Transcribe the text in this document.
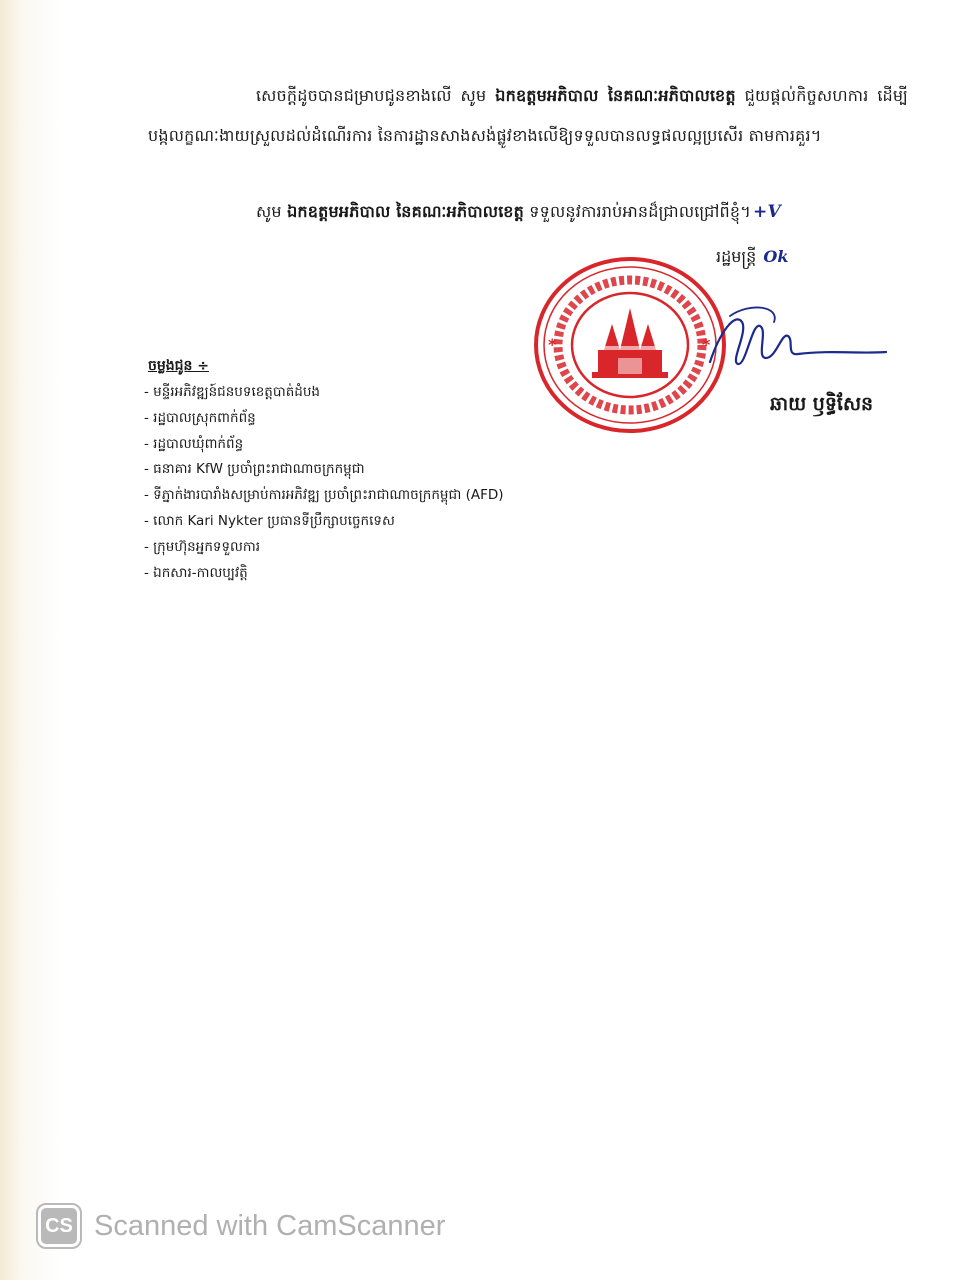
សេចក្តីដូចបានជម្រាបជូនខាងលើ សូម ឯកឧត្តមអភិបាល នៃគណៈអភិបាលខេត្ត ជួយផ្តល់កិច្ចសហការ ដើម្បីបង្កលក្ខណៈងាយស្រួលដល់ដំណើរការ នៃការដ្ឋានសាងសង់ផ្លូវខាងលើឱ្យទទួលបានលទ្ធផលល្អប្រសើរ តាមការគួរ។

សូម ឯកឧត្តមអភិបាល នៃគណៈអភិបាលខេត្ត ទទួលនូវការរាប់អានដ៏ជ្រាលជ្រៅពីខ្ញុំ។ +V

រដ្ឋមន្ត្រី Ok
*	*
ឆាយ ឫទ្ធិសែន
ចម្លងជូន ÷
- មន្ទីរអភិវឌ្ឍន៍ជនបទខេត្តបាត់ដំបង
- រដ្ឋបាលស្រុកពាក់ព័ន្ធ
- រដ្ឋបាលឃុំពាក់ព័ន្ធ
- ធនាគារ KfW ប្រចាំព្រះរាជាណាចក្រកម្ពុជា
- ទីភ្នាក់ងារបារាំងសម្រាប់ការអភិវឌ្ឍ ប្រចាំព្រះរាជាណាចក្រកម្ពុជា (AFD)
- លោក Kari Nykter ប្រធានទីប្រឹក្សាបច្ចេកទេស
- ក្រុមហ៊ុនអ្នកទទួលការ
- ឯកសារ-កាលប្បវត្តិ
CS Scanned with CamScanner
